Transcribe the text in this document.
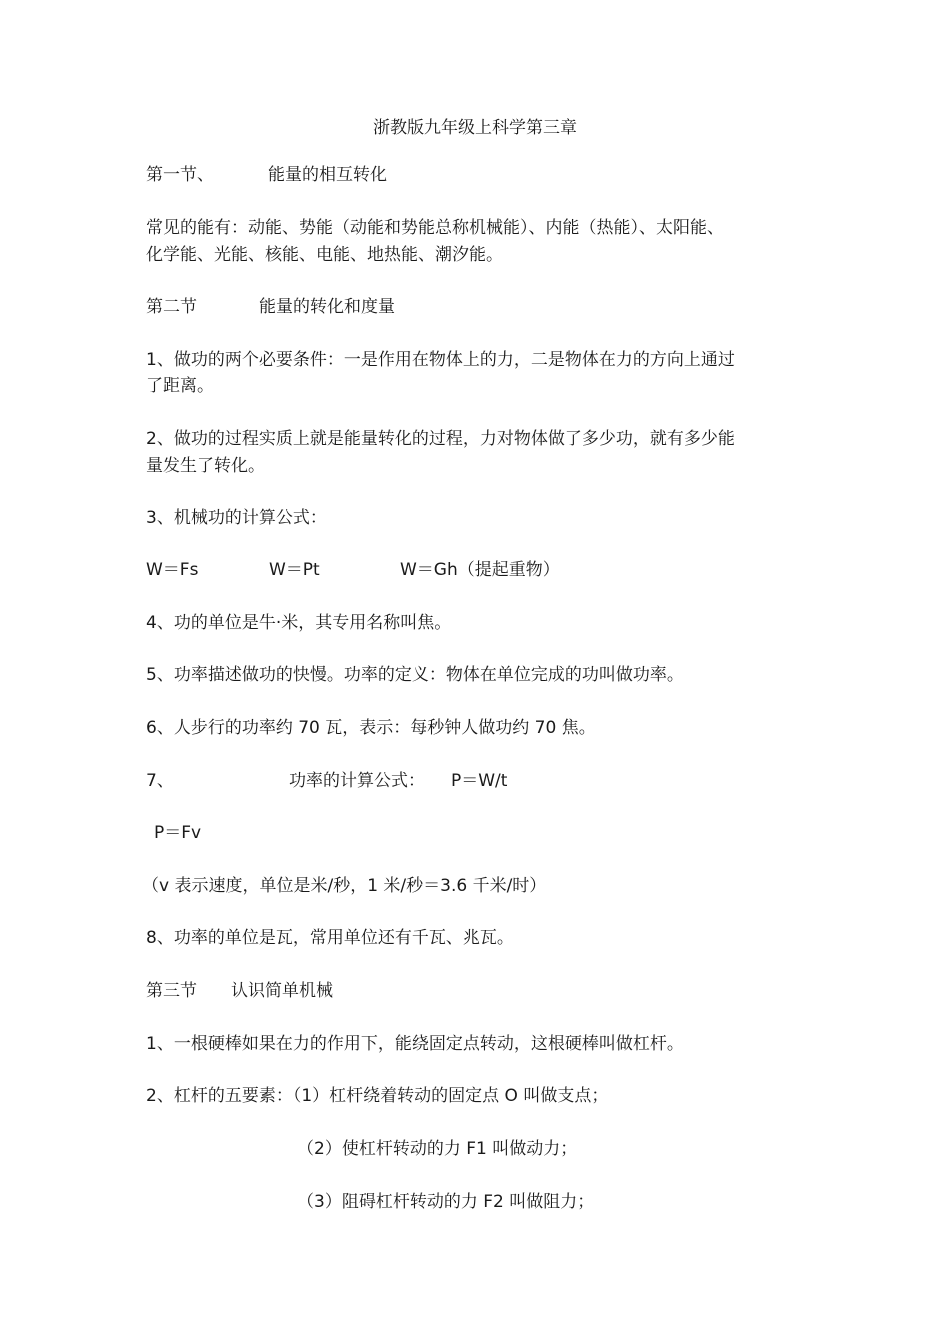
浙教版九年级上科学第三章
第一节、	能量的相互转化
常见的能有：动能、势能（动能和势能总称机械能）、内能（热能）、太阳能、
化学能、光能、核能、电能、地热能、潮汐能。
第二节	能量的转化和度量
1、做功的两个必要条件：一是作用在物体上的力，二是物体在力的方向上通过
了距离。
2、做功的过程实质上就是能量转化的过程，力对物体做了多少功，就有多少能
量发生了转化。
3、机械功的计算公式：
W＝Fs	W＝Pt	W＝Gh（提起重物）
4、功的单位是牛·米，其专用名称叫焦。
5、功率描述做功的快慢。功率的定义：物体在单位完成的功叫做功率。
6、人步行的功率约 70 瓦，表示：每秒钟人做功约 70 焦。
7、	功率的计算公式： P＝W/t
P＝Fv
（v 表示速度，单位是米/秒，1 米/秒＝3.6 千米/时）
8、功率的单位是瓦，常用单位还有千瓦、兆瓦。
第三节 认识简单机械
1、一根硬棒如果在力的作用下，能绕固定点转动，这根硬棒叫做杠杆。
2、杠杆的五要素：（1）杠杆绕着转动的固定点 O 叫做支点；
（2）使杠杆转动的力 F1 叫做动力；
（3）阻碍杠杆转动的力 F2 叫做阻力；
